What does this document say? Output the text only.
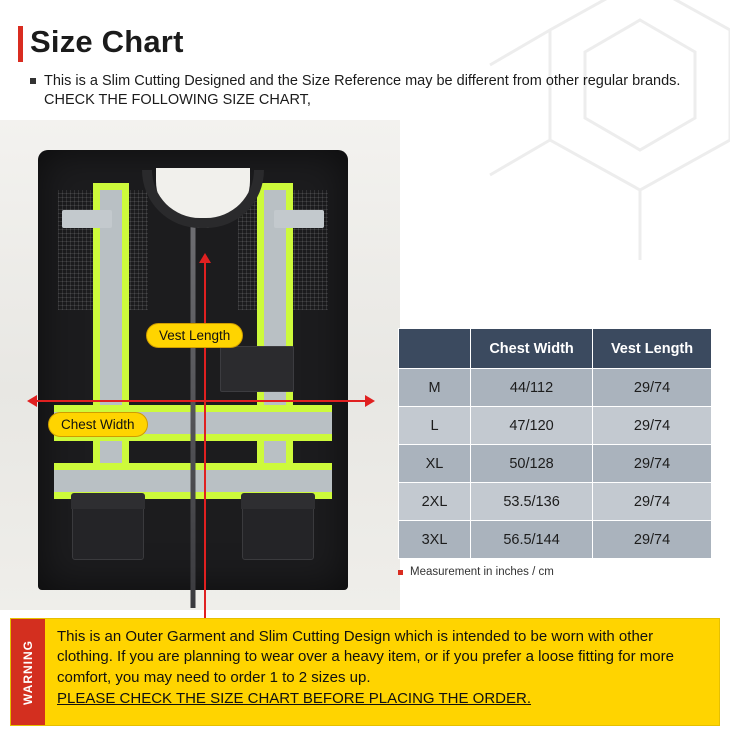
Size Chart
This is a Slim Cutting Designed and the Size Reference may be different from other regular brands. CHECK THE FOLLOWING SIZE CHART,
Vest Length
Chest Width
	Chest Width	Vest Length
M	44/112	29/74
L	47/120	29/74
XL	50/128	29/74
2XL	53.5/136	29/74
3XL	56.5/144	29/74
Measurement in inches / cm
WARNING
This is an Outer Garment and Slim Cutting Design which is intended to be worn with other clothing. If you are planning to wear over a heavy item, or if you prefer a loose fitting for more comfort, you may need to order 1 to 2 sizes up. PLEASE CHECK THE SIZE CHART BEFORE PLACING THE ORDER.
